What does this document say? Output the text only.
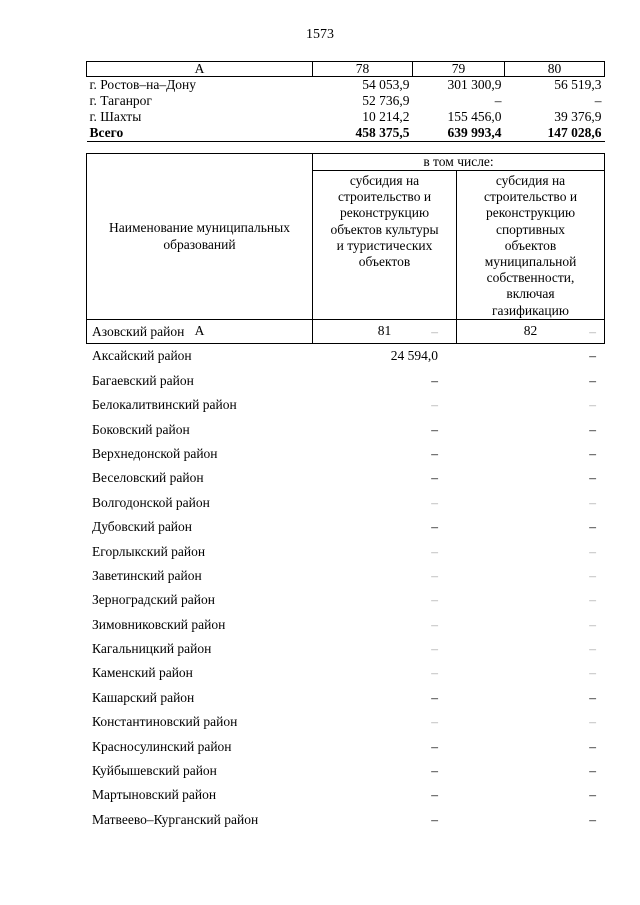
1573
А	78	79	80
г. Ростов–на–Дону	54 053,9	301 300,9	56 519,3
г. Таганрог	52 736,9	–	–
г. Шахты	10 214,2	155 456,0	39 376,9
Всего	458 375,5	639 993,4	147 028,6
Наименование муниципальных образований	в том числе:	

	субсидия на строительство и реконструкцию объектов культуры и туристических объектов	субсидия на строительство и реконструкцию спортивных объектов муниципальной собственности, включая газификацию

А	81	82
Азовский район	–	–
Аксайский район	24 594,0	–
Багаевский район	–	–
Белокалитвинский район	–	–
Боковский район	–	–
Верхнедонской район	–	–
Веселовский район	–	–
Волгодонской район	–	–
Дубовский район	–	–
Егорлыкский район	–	–
Заветинский район	–	–
Зерноградский район	–	–
Зимовниковский район	–	–
Кагальницкий район	–	–
Каменский район	–	–
Кашарский район	–	–
Константиновский район	–	–
Красносулинский район	–	–
Куйбышевский район	–	–
Мартыновский район	–	–
Матвеево–Курганский район	–	–
